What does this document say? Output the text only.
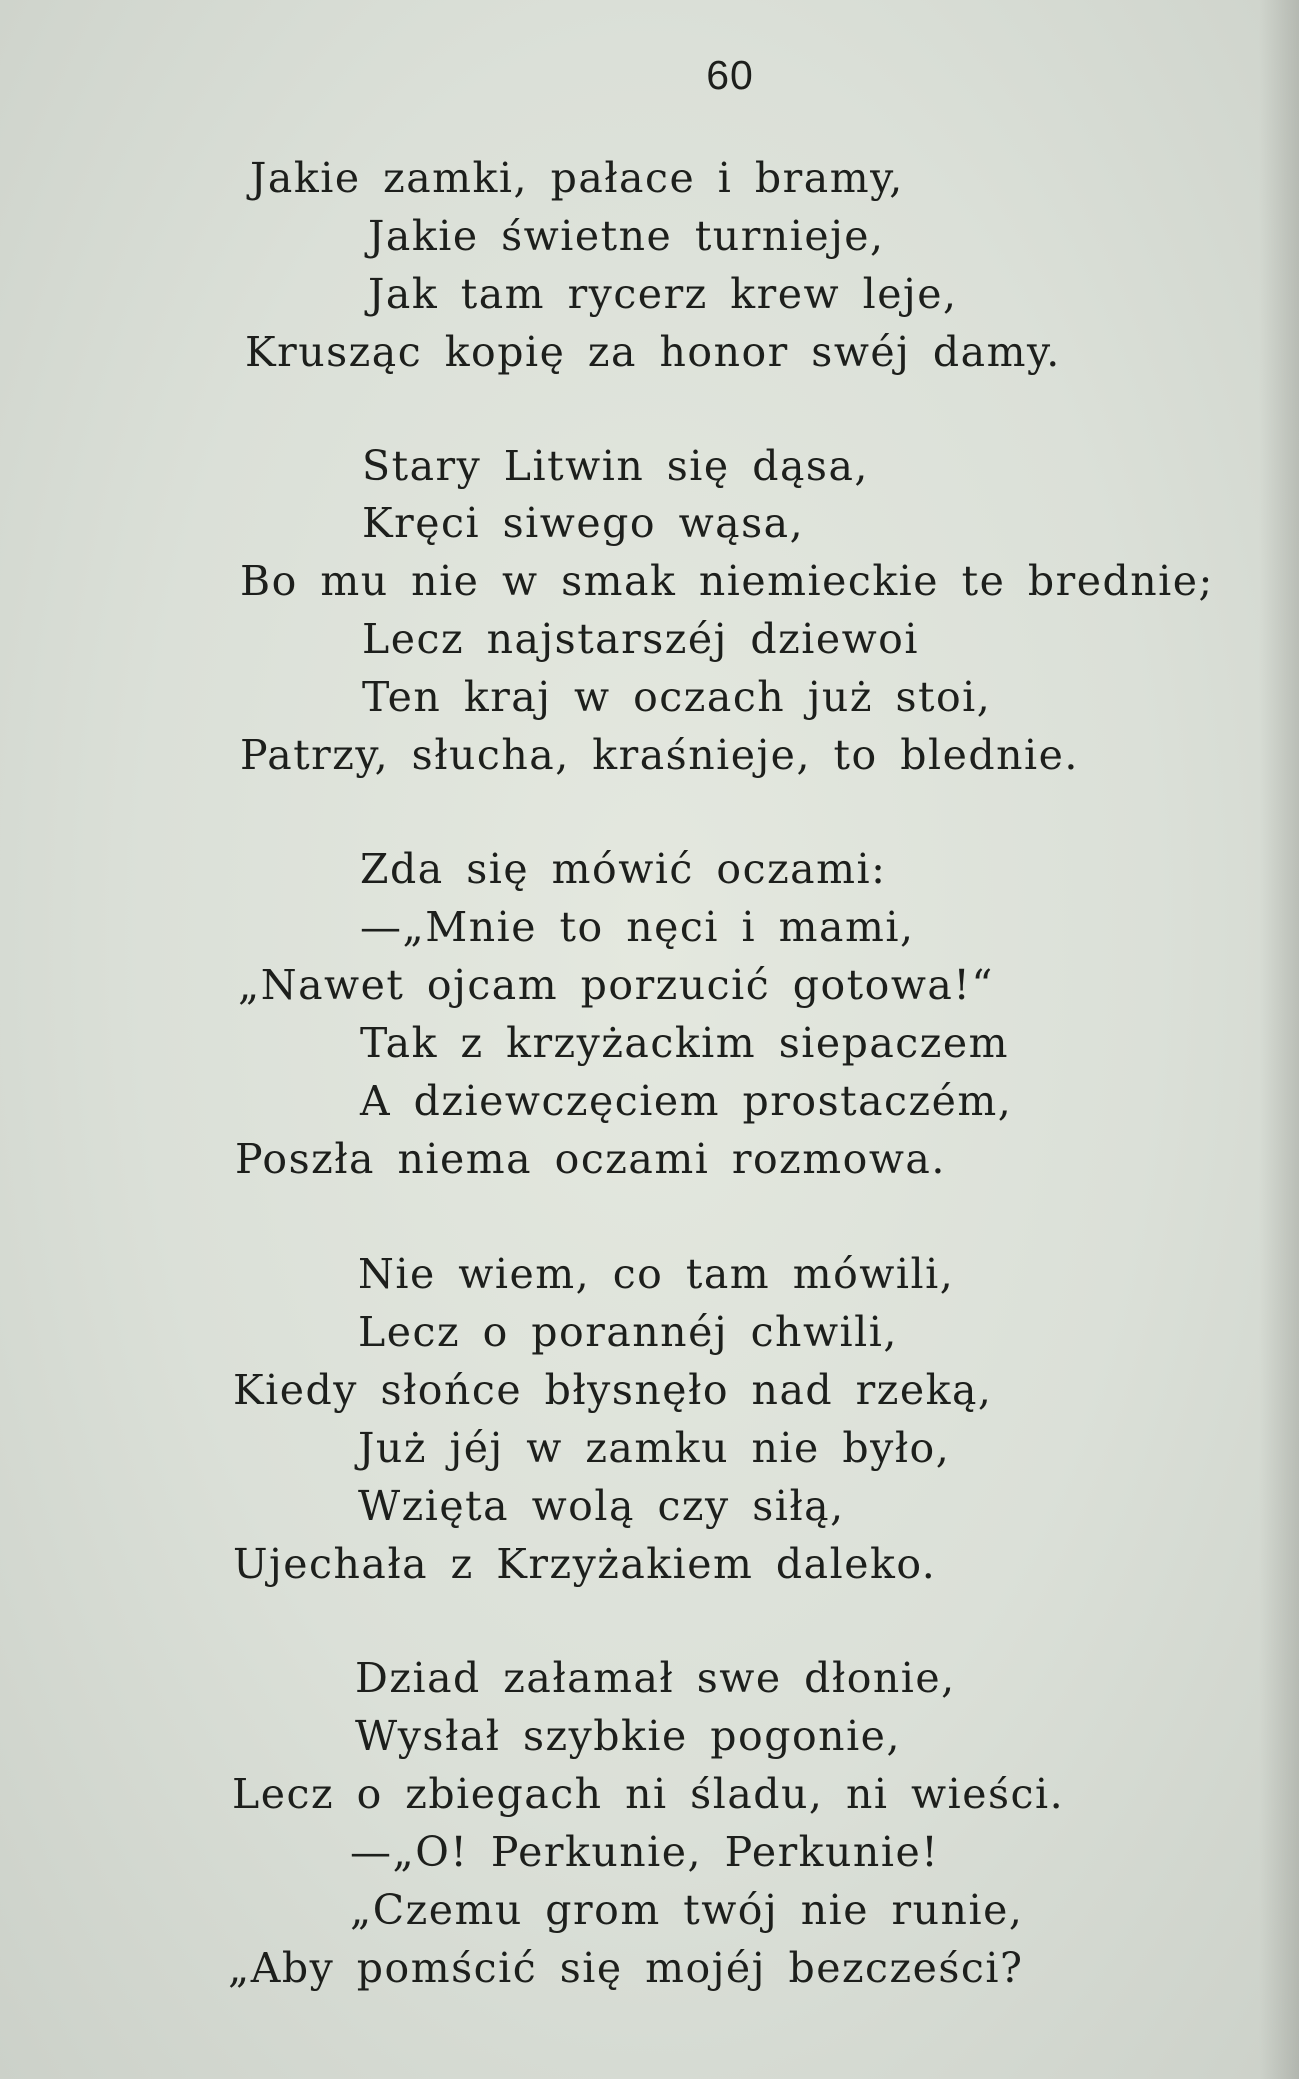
60
Jakie zamki, pałace i bramy,
Jakie świetne turnieje,
Jak tam rycerz krew leje,
Krusząc kopię za honor swéj damy.
Stary Litwin się dąsa,
Kręci siwego wąsa,
Bo mu nie w smak niemieckie te brednie;
Lecz najstarszéj dziewoi
Ten kraj w oczach już stoi,
Patrzy, słucha, kraśnieje, to blednie.
Zda się mówić oczami:
—„Mnie to nęci i mami,
„Nawet ojcam porzucić gotowa!“
Tak z krzyżackim siepaczem
A dziewczęciem prostaczém,
Poszła niema oczami rozmowa.
Nie wiem, co tam mówili,
Lecz o porannéj chwili,
Kiedy słońce błysnęło nad rzeką,
Już jéj w zamku nie było,
Wzięta wolą czy siłą,
Ujechała z Krzyżakiem daleko.
Dziad załamał swe dłonie,
Wysłał szybkie pogonie,
Lecz o zbiegach ni śladu, ni wieści.
—„O! Perkunie, Perkunie!
„Czemu grom twój nie runie,
„Aby pomścić się mojéj bezcześci?
